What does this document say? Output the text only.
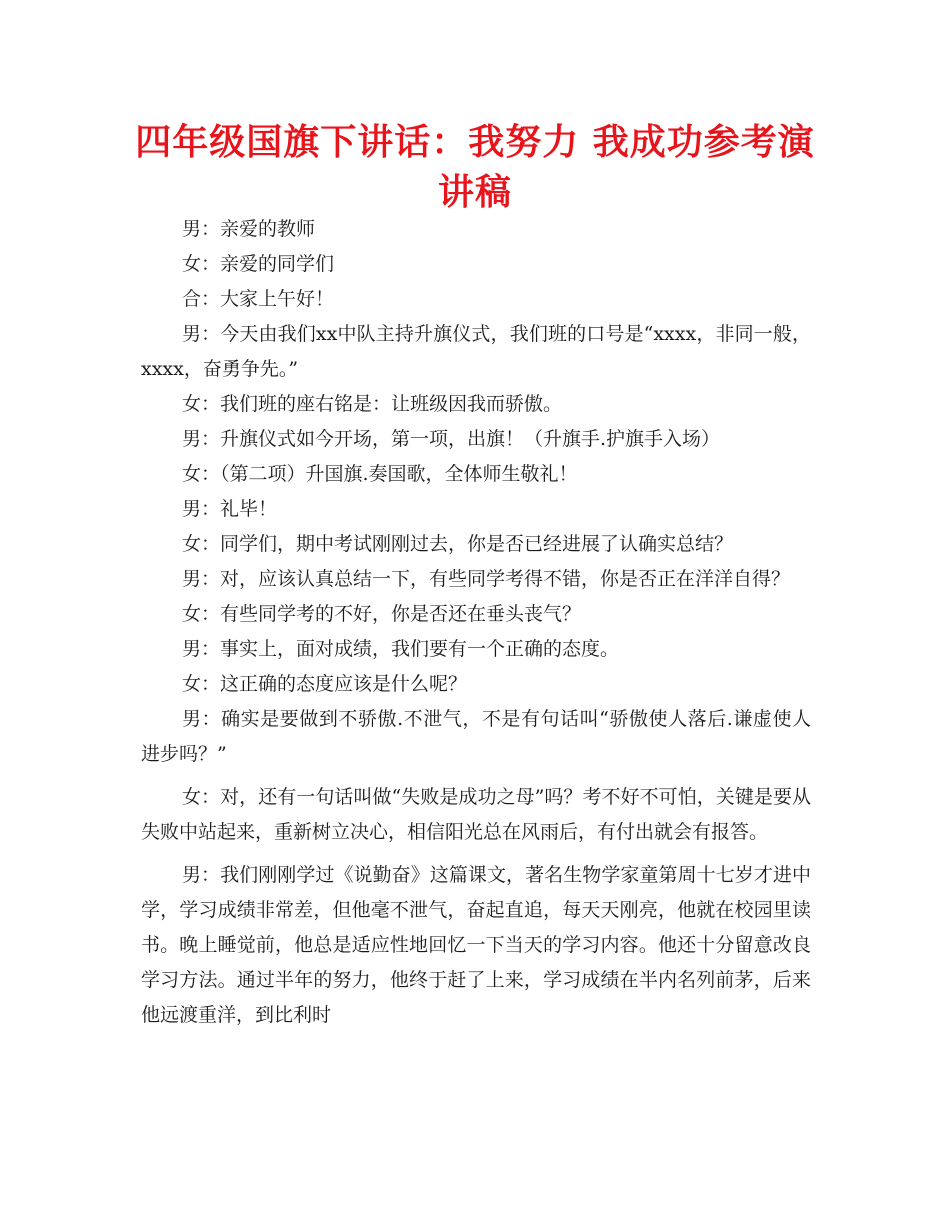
四年级国旗下讲话：我努力 我成功参考演讲稿

男：亲爱的教师

女：亲爱的同学们

合：大家上午好！

男：今天由我们xx中队主持升旗仪式，我们班的口号是“xxxx，非同一般，xxxx，奋勇争先。”

女：我们班的座右铭是：让班级因我而骄傲。

男：升旗仪式如今开场，第一项，出旗！（升旗手.护旗手入场）

女：（第二项）升国旗.奏国歌，全体师生敬礼！

男：礼毕！

女：同学们，期中考试刚刚过去，你是否已经进展了认确实总结？

男：对，应该认真总结一下，有些同学考得不错，你是否正在洋洋自得？

女：有些同学考的不好，你是否还在垂头丧气？

男：事实上，面对成绩，我们要有一个正确的态度。

女：这正确的态度应该是什么呢？

男：确实是要做到不骄傲.不泄气，不是有句话叫“骄傲使人落后.谦虚使人进步吗？”

女：对，还有一句话叫做“失败是成功之母”吗？考不好不可怕，关键是要从失败中站起来，重新树立决心，相信阳光总在风雨后，有付出就会有报答。

男：我们刚刚学过《说勤奋》这篇课文，著名生物学家童第周十七岁才进中学，学习成绩非常差，但他毫不泄气，奋起直追，每天天刚亮，他就在校园里读书。晚上睡觉前，他总是适应性地回忆一下当天的学习内容。他还十分留意改良学习方法。通过半年的努力，他终于赶了上来，学习成绩在半内名列前茅，后来他远渡重洋，到比利时
